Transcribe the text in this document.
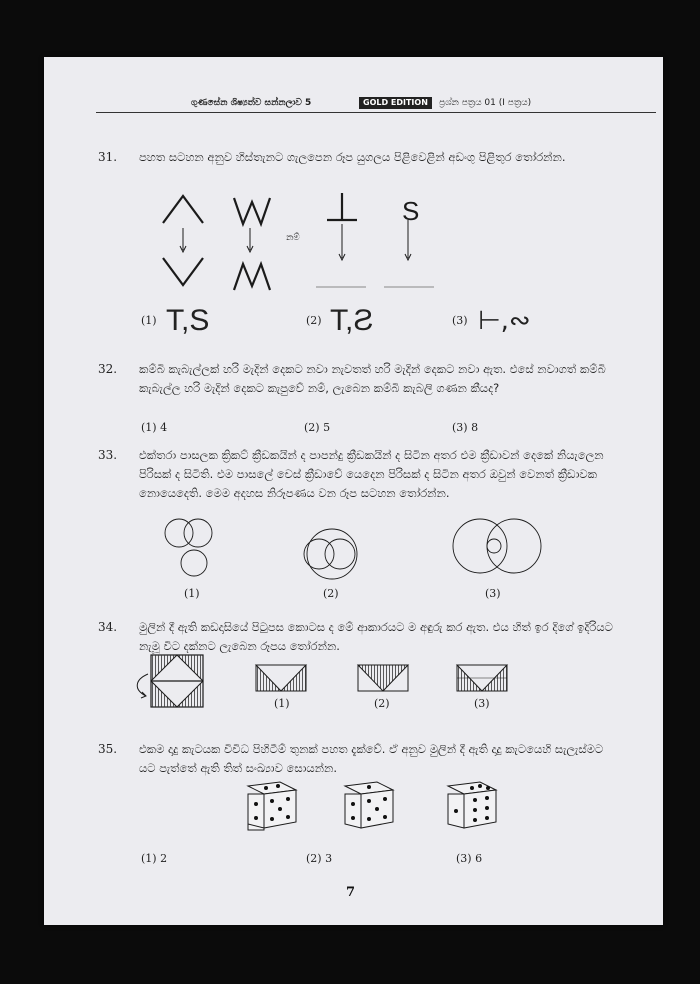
ගුණසේන ශිෂ්‍යත්ව සන්නලාව 5	GOLD EDITION	ප්‍රශ්න පත්‍රය 01 (I පත්‍රය)
31. පහත සටහන අනුව හිස්තැනට ගැලපෙන රූප යුගලය පිළිවෙළින් අඩංගු පිළිතුර තෝරන්න.
S
නම්
(1) T,S	(2) T,Ƨ	(3) ⊢,∾
32. කම්බි කැබැල්ලක් හරි මැදින් දෙකට නවා නැවතත් හරි මැදින් දෙකට නවා ඇත. එසේ නවාගත් කම්බි කැබැල්ල හරි මැදින් දෙකට කැපුවේ නම්, ලැබෙන කම්බි කැබලි ගණන කීයද?
(1) 4	(2) 5	(3) 8
33. එක්තරා පාසලක ක්‍රිකට් ක්‍රීඩකයින් ද පාපන්දු ක්‍රීඩකයින් ද සිටින අතර එම ක්‍රීඩාවන් දෙකේ නියැලෙන පිරිසක් ද සිටිති. එම පාසලේ චෙස් ක්‍රීඩාවේ යෙදෙන පිරිසක් ද සිටින අතර ඔවුන් වෙනත් ක්‍රීඩාවක නොයෙදෙති. මෙම අදහස නිරූපණය වන රූප සටහන තෝරන්න.
(1)	(2)	(3)
34. මුලින් දී ඇති කඩදාසියේ පිටුපස කොටස ද මේ ආකාරයට ම අඳුරු කර ඇත. එය හිත් ඉර දිගේ ඉදිරියට නැමූ විට දක්නට ලැබෙන රූපය තෝරන්න.
(1)	(2)	(3)
35. එකම දාදු කැටයක විවිධ පිහිටීම් තුනක් පහත දැක්වේ. ඒ අනුව මුලින් දී ඇති දාදු කැටයෙහි සැලැස්මට යට පැත්තේ ඇති තිත් සංඛ්‍යාව සොයන්න.
(1) 2	(2) 3	(3) 6
7
